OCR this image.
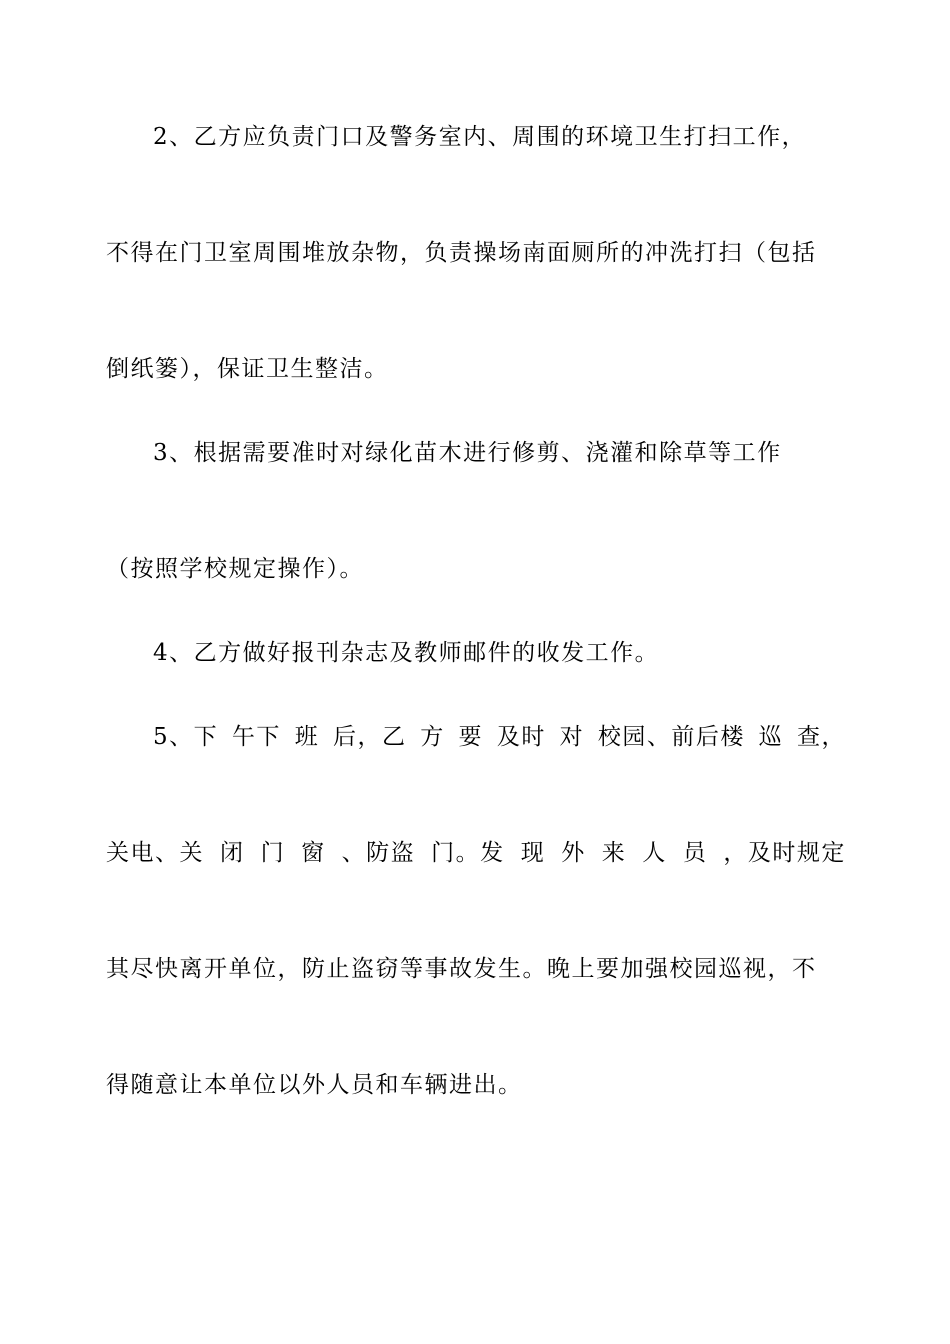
2、乙方应负责门口及警务室内、周围的环境卫生打扫工作，
不得在门卫室周围堆放杂物，负责操场南面厕所的冲洗打扫（包括
倒纸篓），保证卫生整洁。
3、根据需要准时对绿化苗木进行修剪、浇灌和除草等工作
（按照学校规定操作）。
4、乙方做好报刊杂志及教师邮件的收发工作。
5、下 午下 班 后，乙 方 要 及时 对 校园、前后楼 巡 查，
关电、关 闭 门 窗 、防盗 门。发 现 外 来 人 员 ，及时规定
其尽快离开单位，防止盗窃等事故发生。晚上要加强校园巡视，不
得随意让本单位以外人员和车辆进出。
